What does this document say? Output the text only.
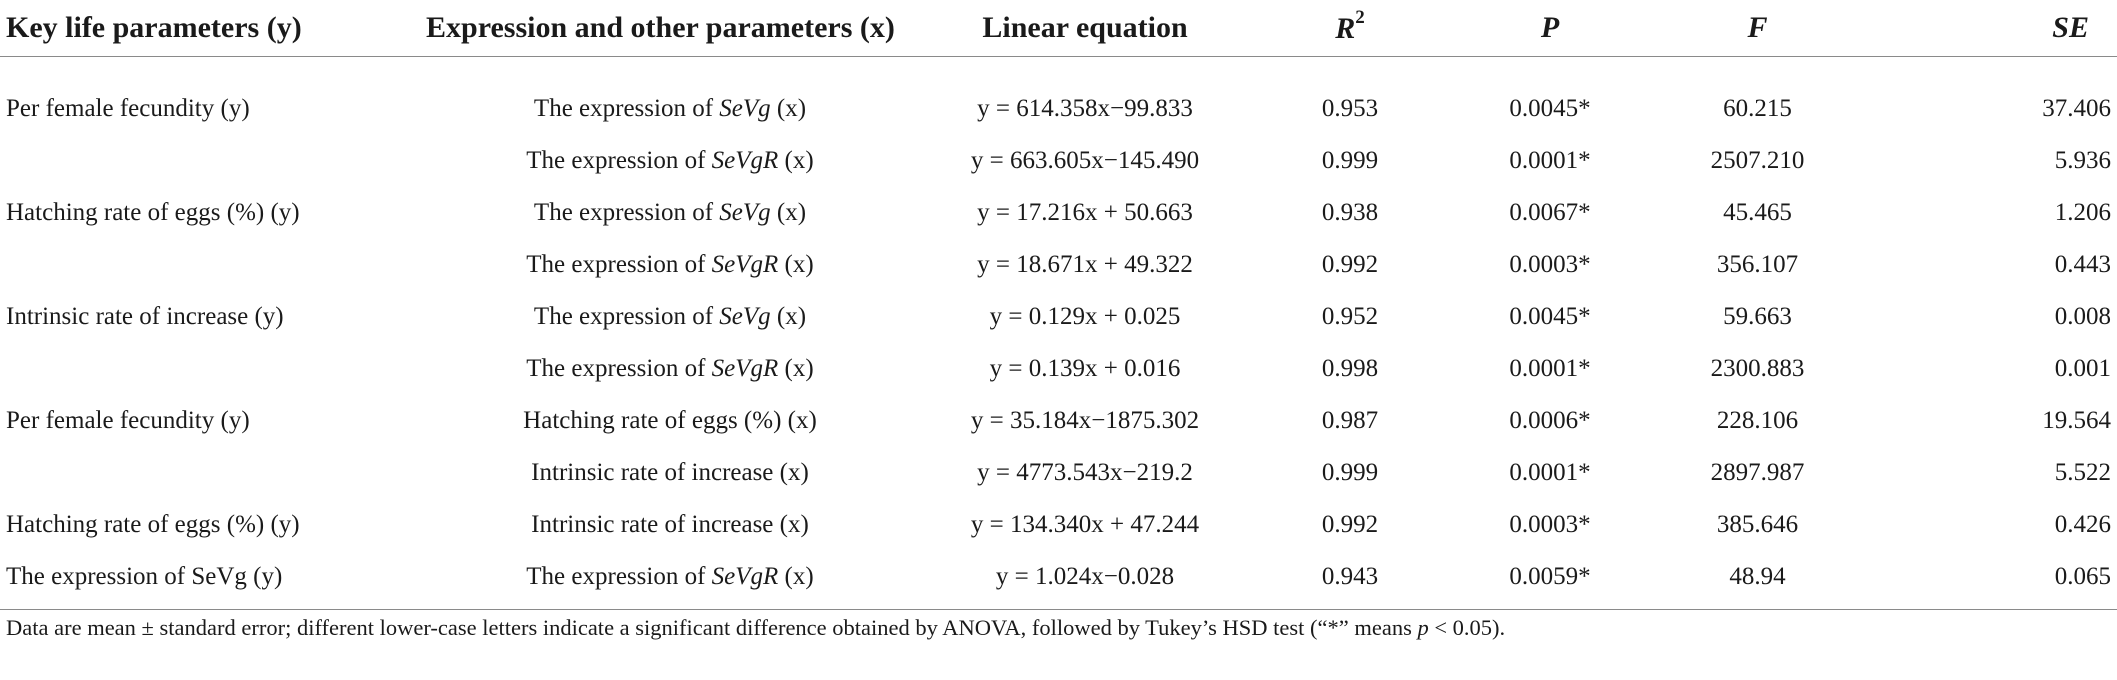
Key life parameters (y)	Expression and other parameters (x)	Linear equation	$R^2$	P	F	SE
Per female fecundity (y)	The expression of SeVg (x)	y = 614.358x−99.833	0.953	0.0045*	60.215	37.406
	The expression of SeVgR (x)	y = 663.605x−145.490	0.999	0.0001*	2507.210	5.936
Hatching rate of eggs (%) (y)	The expression of SeVg (x)	y = 17.216x + 50.663	0.938	0.0067*	45.465	1.206
	The expression of SeVgR (x)	y = 18.671x + 49.322	0.992	0.0003*	356.107	0.443
Intrinsic rate of increase (y)	The expression of SeVg (x)	y = 0.129x + 0.025	0.952	0.0045*	59.663	0.008
	The expression of SeVgR (x)	y = 0.139x + 0.016	0.998	0.0001*	2300.883	0.001
Per female fecundity (y)	Hatching rate of eggs (%) (x)	y = 35.184x−1875.302	0.987	0.0006*	228.106	19.564
	Intrinsic rate of increase (x)	y = 4773.543x−219.2	0.999	0.0001*	2897.987	5.522
Hatching rate of eggs (%) (y)	Intrinsic rate of increase (x)	y = 134.340x + 47.244	0.992	0.0003*	385.646	0.426
The expression of SeVg (y)	The expression of SeVgR (x)	y = 1.024x−0.028	0.943	0.0059*	48.94	0.065
Data are mean ± standard error; different lower-case letters indicate a significant difference obtained by ANOVA, followed by Tukey’s HSD test (“*” means p < 0.05).
